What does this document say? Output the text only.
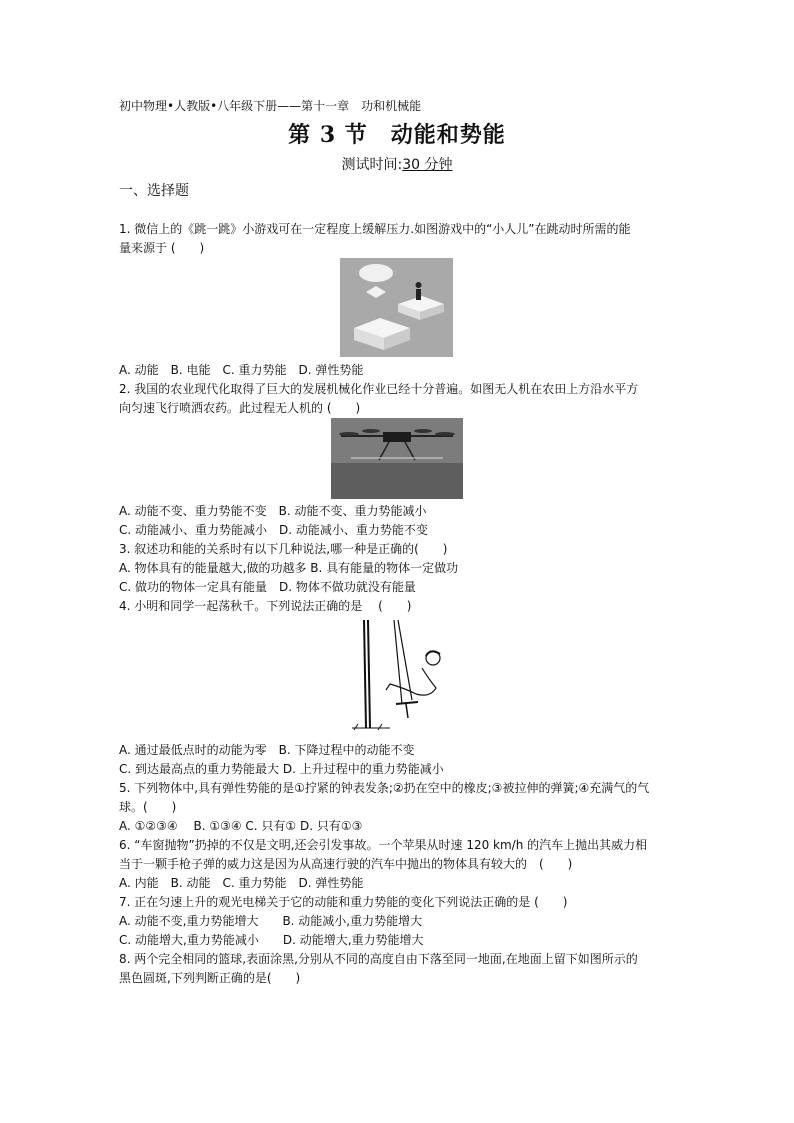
初中物理•人教版•八年级下册——第十一章　功和机械能
第 3 节　动能和势能
测试时间:30 分钟
一、选择题
1. 微信上的《跳一跳》小游戏可在一定程度上缓解压力.如图游戏中的“小人儿”在跳动时所需的能
量来源于 (　　)
A. 动能　B. 电能　C. 重力势能　D. 弹性势能
2. 我国的农业现代化取得了巨大的发展机械化作业已经十分普遍。如图无人机在农田上方沿水平方
向匀速飞行喷洒农药。此过程无人机的 (　　)
A. 动能不变、重力势能不变　B. 动能不变、重力势能减小
C. 动能减小、重力势能减小　D. 动能减小、重力势能不变
3. 叙述功和能的关系时有以下几种说法,哪一种是正确的(　　)
A. 物体具有的能量越大,做的功越多 B. 具有能量的物体一定做功
C. 做功的物体一定具有能量　D. 物体不做功就没有能量
4. 小明和同学一起荡秋千。下列说法正确的是　 (　　)
A. 通过最低点时的动能为零　B. 下降过程中的动能不变
C. 到达最高点的重力势能最大 D. 上升过程中的重力势能减小
5. 下列物体中,具有弹性势能的是①拧紧的钟表发条;②扔在空中的橡皮;③被拉伸的弹簧;④充满气的气
球。(　　)
A. ①②③④　 B. ①③④ C. 只有① D. 只有①③
6. “车窗抛物”扔掉的不仅是文明,还会引发事故。一个苹果从时速 120 km/h 的汽车上抛出其威力相
当于一颗手枪子弹的威力这是因为从高速行驶的汽车中抛出的物体具有较大的　(　　)
A. 内能　B. 动能　C. 重力势能　D. 弹性势能
7. 正在匀速上升的观光电梯关于它的动能和重力势能的变化下列说法正确的是 (　　)
A. 动能不变,重力势能增大　　B. 动能减小,重力势能增大
C. 动能增大,重力势能减小　　D. 动能增大,重力势能增大
8. 两个完全相同的篮球,表面涂黑,分别从不同的高度自由下落至同一地面,在地面上留下如图所示的
黑色圆斑,下列判断正确的是(　　)
